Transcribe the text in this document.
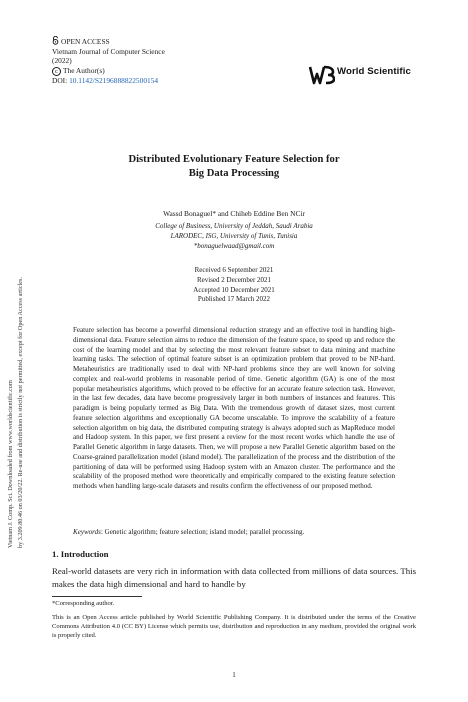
OPEN ACCESS
Vietnam Journal of Computer Science
(2022)
c The Author(s)
DOI: 10.1142/S2196888822500154
World Scientific
Vietnam J. Comp. Sci. Downloaded from www.worldscientific.com by 3.209.80.46 on 03/20/22. Re-use and distribution is strictly not permitted, except for Open Access articles.
Distributed Evolutionary Feature Selection for
Big Data Processing
Wassd Bonaguel* and Chiheb Eddine Ben NCir
College of Business, University of Jeddah, Saudi Arabia
LARODEC, ISG, University of Tunis, Tunisia
*bonaguelwaad@gmail.com
Received 6 September 2021
Revised 2 December 2021
Accepted 10 December 2021
Published 17 March 2022
Feature selection has become a powerful dimensional reduction strategy and an effective tool in handling high-dimensional data. Feature selection aims to reduce the dimension of the feature space, to speed up and reduce the cost of the learning model and that by selecting the most relevant feature subset to data mining and machine learning tasks. The selection of optimal feature subset is an optimization problem that proved to be NP-hard. Metaheuristics are traditionally used to deal with NP-hard problems since they are well known for solving complex and real-world problems in reasonable period of time. Genetic algorithm (GA) is one of the most popular metaheuristics algorithms, which proved to be effective for an accurate feature selection task. However, in the last few decades, data have become progressively larger in both numbers of instances and features. This paradigm is being popularly termed as Big Data. With the tremendous growth of dataset sizes, most current feature selection algorithms and exceptionally GA become unscalable. To improve the scalability of a feature selection algorithm on big data, the distributed computing strategy is always adopted such as MapReduce model and Hadoop system. In this paper, we first present a review for the most recent works which handle the use of Parallel Genetic algorithm in large datasets. Then, we will propose a new Parallel Genetic algorithm based on the Coarse-grained parallelization model (island model). The parallelization of the process and the distribution of the partitioning of data will be performed using Hadoop system with an Amazon cluster. The performance and the scalability of the proposed method were theoretically and empirically compared to the existing feature selection methods when handling large-scale datasets and results confirm the effectiveness of our proposed method.
Keywords: Genetic algorithm; feature selection; island model; parallel processing.
1. Introduction
Real-world datasets are very rich in information with data collected from millions of data sources. This makes the data high dimensional and hard to handle by
*Corresponding author.
This is an Open Access article published by World Scientific Publishing Company. It is distributed under the terms of the Creative Commons Attribution 4.0 (CC BY) License which permits use, distribution and reproduction in any medium, provided the original work is properly cited.
1
